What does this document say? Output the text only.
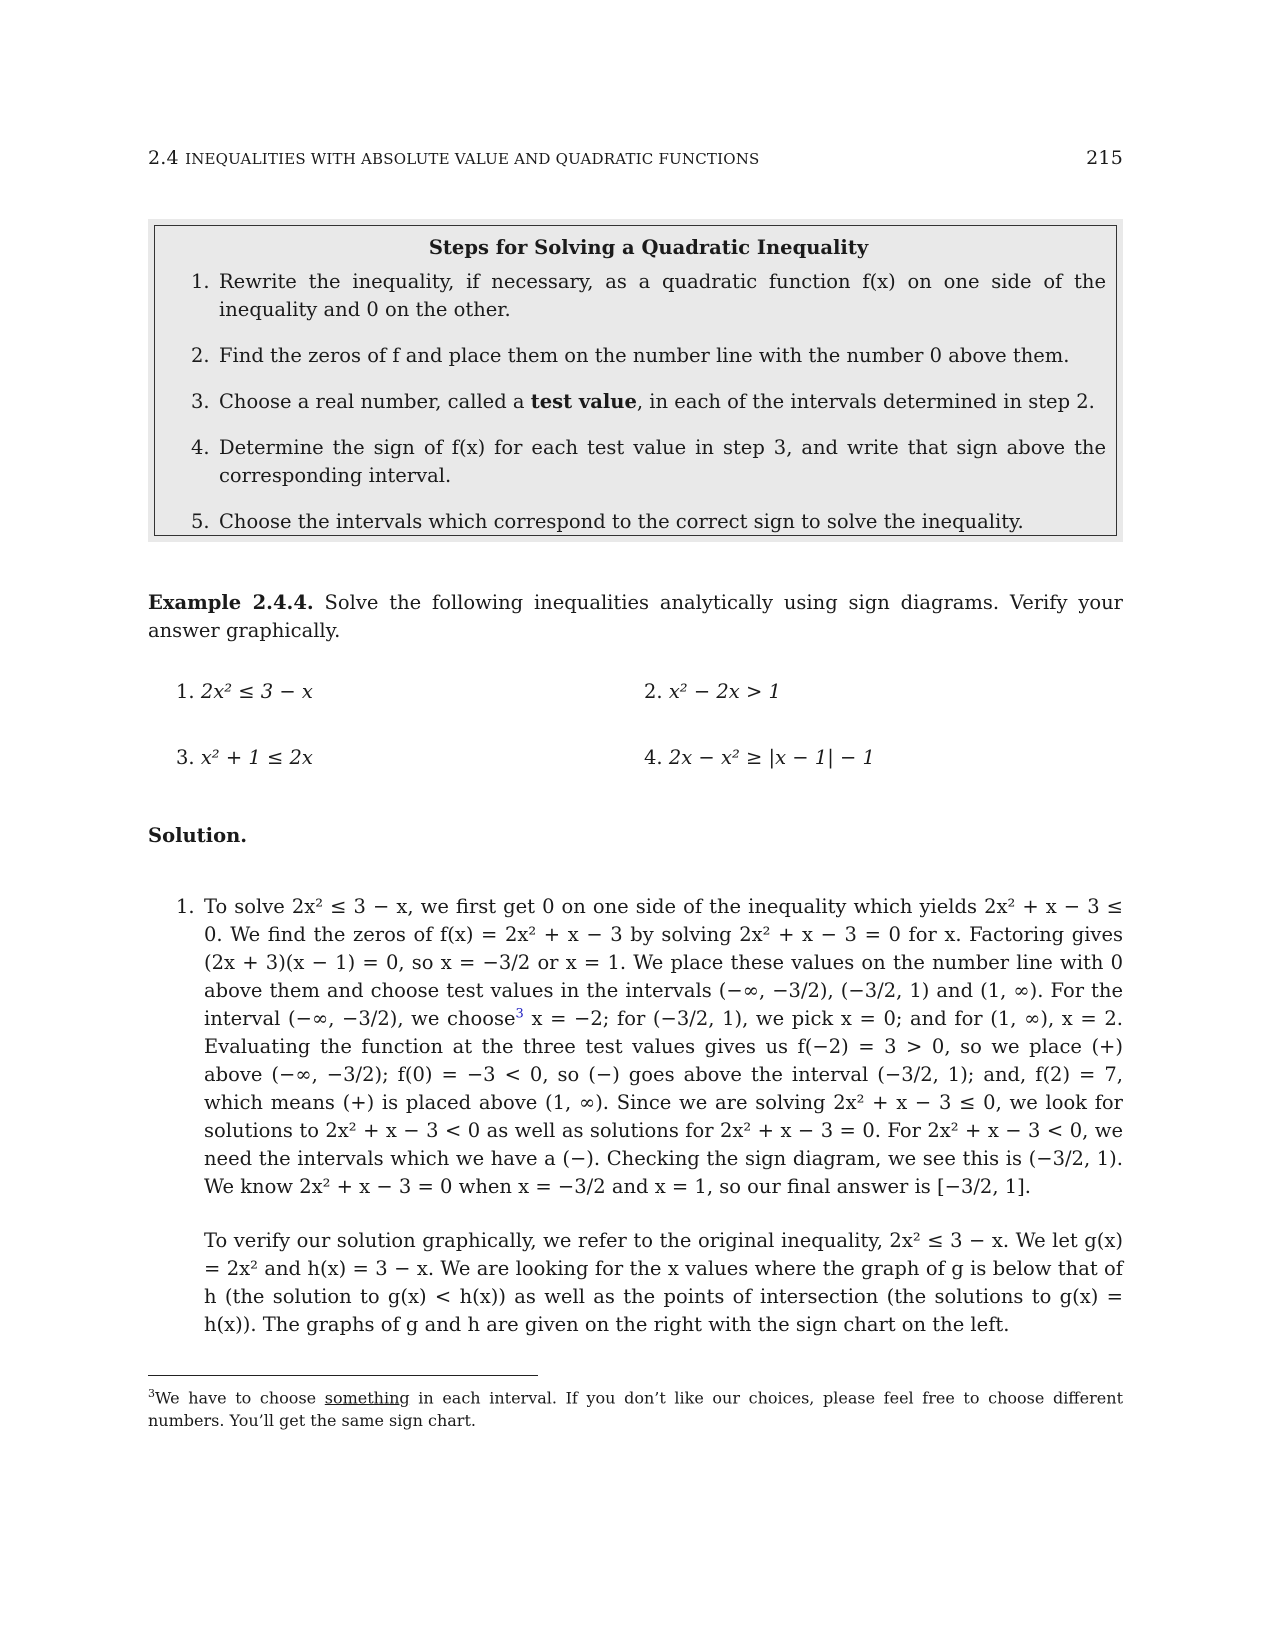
2.4 INEQUALITIES WITH ABSOLUTE VALUE AND QUADRATIC FUNCTIONS	215
Steps for Solving a Quadratic Inequality
1. Rewrite the inequality, if necessary, as a quadratic function f(x) on one side of the inequality and 0 on the other.
2. Find the zeros of f and place them on the number line with the number 0 above them.
3. Choose a real number, called a test value, in each of the intervals determined in step 2.
4. Determine the sign of f(x) for each test value in step 3, and write that sign above the corresponding interval.
5. Choose the intervals which correspond to the correct sign to solve the inequality.
Example 2.4.4. Solve the following inequalities analytically using sign diagrams. Verify your answer graphically.
1. 2x² ≤ 3 − x	2. x² − 2x > 1
3. x² + 1 ≤ 2x	4. 2x − x² ≥ |x − 1| − 1
Solution.
1. To solve 2x² ≤ 3 − x, we first get 0 on one side of the inequality which yields 2x² + x − 3 ≤ 0. We find the zeros of f(x) = 2x² + x − 3 by solving 2x² + x − 3 = 0 for x. Factoring gives (2x + 3)(x − 1) = 0, so x = −3/2 or x = 1. We place these values on the number line with 0 above them and choose test values in the intervals (−∞, −3/2), (−3/2, 1) and (1, ∞). For the interval (−∞, −3/2), we choose$^3$ x = −2; for (−3/2, 1), we pick x = 0; and for (1, ∞), x = 2. Evaluating the function at the three test values gives us f(−2) = 3 > 0, so we place (+) above (−∞, −3/2); f(0) = −3 < 0, so (−) goes above the interval (−3/2, 1); and, f(2) = 7, which means (+) is placed above (1, ∞). Since we are solving 2x² + x − 3 ≤ 0, we look for solutions to 2x² + x − 3 < 0 as well as solutions for 2x² + x − 3 = 0. For 2x² + x − 3 < 0, we need the intervals which we have a (−). Checking the sign diagram, we see this is (−3/2, 1). We know 2x² + x − 3 = 0 when x = −3/2 and x = 1, so our final answer is [−3/2, 1].

To verify our solution graphically, we refer to the original inequality, 2x² ≤ 3 − x. We let g(x) = 2x² and h(x) = 3 − x. We are looking for the x values where the graph of g is below that of h (the solution to g(x) < h(x)) as well as the points of intersection (the solutions to g(x) = h(x)). The graphs of g and h are given on the right with the sign chart on the left.

$^3$We have to choose something in each interval. If you don’t like our choices, please feel free to choose different numbers. You’ll get the same sign chart.
